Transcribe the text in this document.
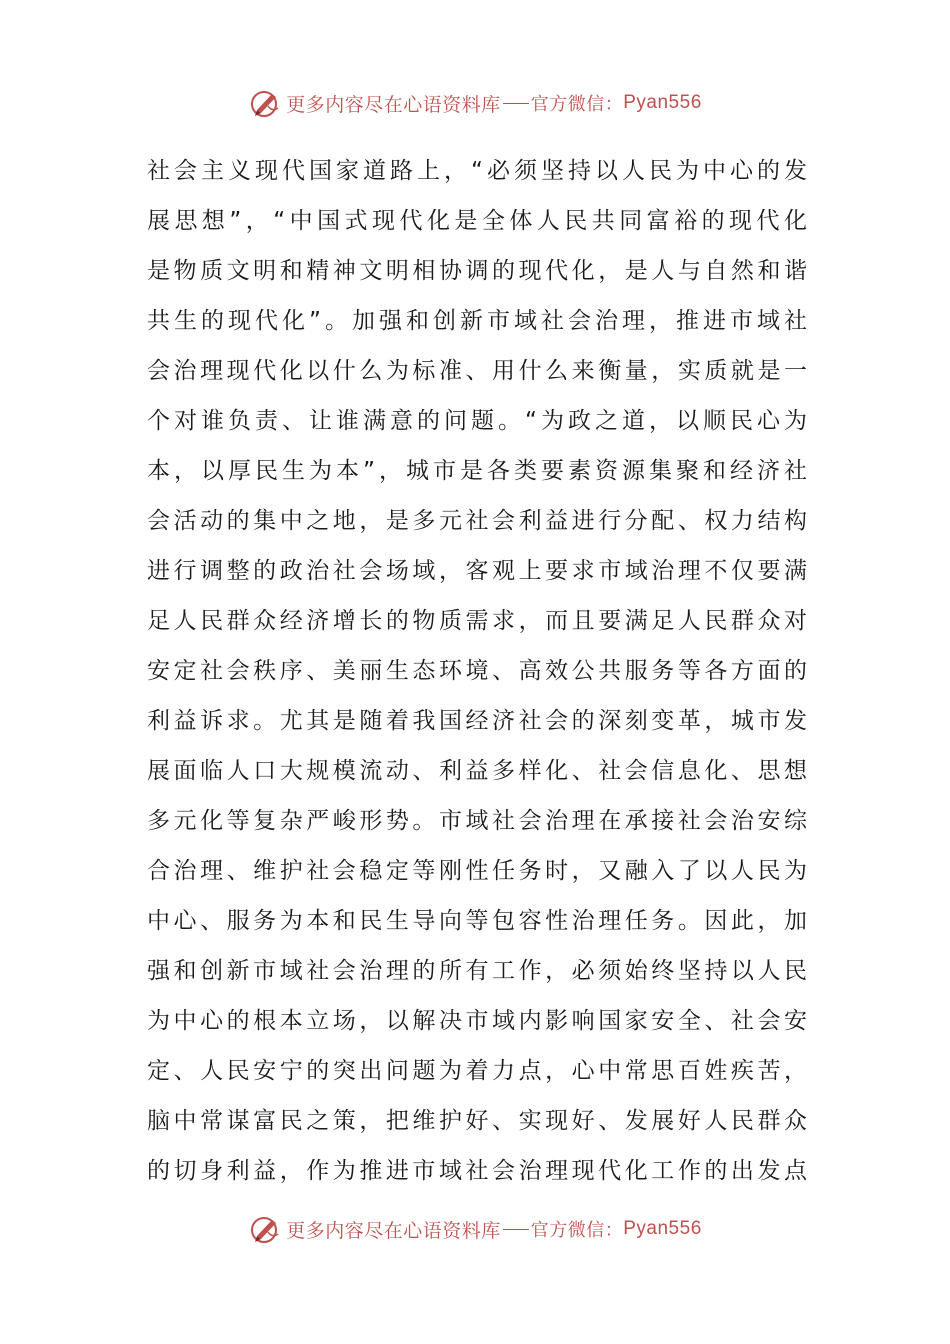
更多内容尽在心语资料库 官方微信： Pyan556
社会主义现代国家道路上，“必须坚持以人民为中心的发
展思想”，“中国式现代化是全体人民共同富裕的现代化
是物质文明和精神文明相协调的现代化，是人与自然和谐
共生的现代化”。加强和创新市域社会治理，推进市域社
会治理现代化以什么为标准、用什么来衡量，实质就是一
个对谁负责、让谁满意的问题。“为政之道，以顺民心为
本，以厚民生为本”，城市是各类要素资源集聚和经济社
会活动的集中之地，是多元社会利益进行分配、权力结构
进行调整的政治社会场域，客观上要求市域治理不仅要满
足人民群众经济增长的物质需求，而且要满足人民群众对
安定社会秩序、美丽生态环境、高效公共服务等各方面的
利益诉求。尤其是随着我国经济社会的深刻变革，城市发
展面临人口大规模流动、利益多样化、社会信息化、思想
多元化等复杂严峻形势。市域社会治理在承接社会治安综
合治理、维护社会稳定等刚性任务时，又融入了以人民为
中心、服务为本和民生导向等包容性治理任务。因此，加
强和创新市域社会治理的所有工作，必须始终坚持以人民
为中心的根本立场，以解决市域内影响国家安全、社会安
定、人民安宁的突出问题为着力点，心中常思百姓疾苦，
脑中常谋富民之策，把维护好、实现好、发展好人民群众
的切身利益，作为推进市域社会治理现代化工作的出发点
更多内容尽在心语资料库 官方微信： Pyan556
